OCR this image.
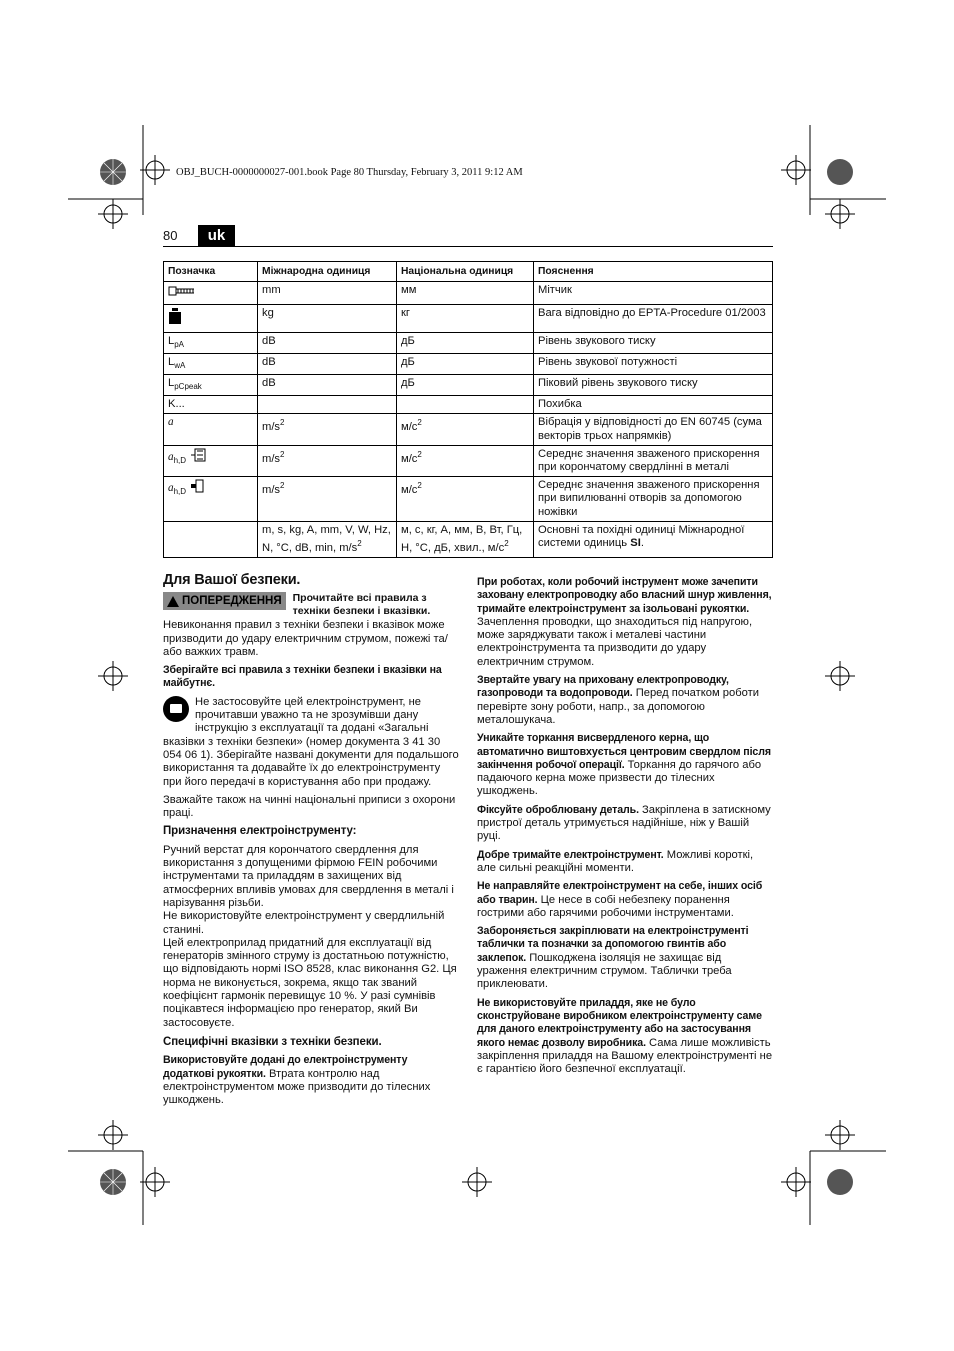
OBJ_BUCH-0000000027-001.book Page 80 Thursday, February 3, 2011 9:12 AM
80	uk
Позначка	Міжнародна одиниця	Національна одиниця	Пояснення
	mm	мм	Мітчик
	kg	кг	Вага відповідно до EPTA-Procedure 01/2003
$L_{pA}$	dB	дБ	Рівень звукового тиску
$L_{wA}$	dB	дБ	Рівень звукової потужності
$L_{pCpeak}$	dB	дБ	Піковий рівень звукового тиску
K...			Похибка
a	$m/s^2$	$м/с^2$	Вібрація у відповідності до EN 60745 (сума векторів трьох напрямків)
$a_{h,D}$	$m/s^2$	$м/с^2$	Середнє значення зваженого прискорення при корончатому свердлінні в металі
$a_{h,D}$	$m/s^2$	$м/с^2$	Середнє значення зваженого прискорення при випилюванні отворів за допомогою ножівки
	m, s, kg, A, mm, V, W, Hz, N, °C, dB, min, $m/s^2$	м, с, кг, А, мм, В, Вт, Гц, Н, °C, дБ, хвил., $м/с^2$	Основні та похідні одиниці Міжнародної системи одиниць SI.
Для Вашої безпеки.
ПОПЕРЕДЖЕННЯ Прочитайте всі правила з техніки безпеки і вказівки.

Невиконання правил з техніки безпеки і вказівок може призводити до удару електричним струмом, пожежі та/або важких травм.

Зберігайте всі правила з техніки безпеки і вказівки на майбутнє.

Не застосовуйте цей електроінструмент, не прочитавши уважно та не зрозумівши дану інструкцію з експлуатації та додані «Загальні вказівки з техніки безпеки» (номер документа 3 41 30 054 06 1). Зберігайте названі документи для подальшого використання та додавайте їх до електроінструменту при його передачі в користування або при продажу.

Зважайте також на чинні національні приписи з охорони праці.

Призначення електроінструменту:

Ручний верстат для корончатого свердлення для використання з допущеними фірмою FEIN робочими інструментами та приладдям в захищених від атмосферних впливів умовах для свердлення в металі і нарізування різьби.

Не використовуйте електроінструмент у свердлильній станині.

Цей електроприлад придатний для експлуатації від генераторів змінного струму із достатньою потужністю, що відповідають нормі ISO 8528, клас виконання G2. Ця норма не виконується, зокрема, якщо так званий коефіцієнт гармонік перевищує 10 %. У разі сумнівів поцікавтеся інформацією про генератор, який Ви застосовуєте.

Специфічні вказівки з техніки безпеки.

Використовуйте додані до електроінструменту додаткові рукоятки. Втрата контролю над електроінструментом може призводити до тілесних ушкоджень.

При роботах, коли робочий інструмент може зачепити заховану електропроводку або власний шнур живлення, тримайте електроінструмент за ізольовані рукоятки. Зачеплення проводки, що знаходиться під напругою, може заряджувати також і металеві частини електроінструмента та призводити до удару електричним струмом.

Звертайте увагу на приховану електропроводку, газопроводи та водопроводи. Перед початком роботи перевірте зону роботи, напр., за допомогою металошукача.

Уникайте торкання висвердленого керна, що автоматично виштовхується центровим свердлом після закінчення робочої операції. Торкання до гарячого або падаючого керна може призвести до тілесних ушкоджень.

Фіксуйте оброблювану деталь. Закріплена в затискному пристрої деталь утримується надійніше, ніж у Вашій руці.

Добре тримайте електроінструмент. Можливі короткі, але сильні реакційні моменти.

Не направляйте електроінструмент на себе, інших осіб або тварин. Це несе в собі небезпеку поранення гострими або гарячими робочими інструментами.

Забороняється закріплювати на електроінструменті таблички та позначки за допомогою гвинтів або заклепок. Пошкоджена ізоляція не захищає від ураження електричним струмом. Таблички треба приклеювати.

Не використовуйте приладдя, яке не було сконструйоване виробником електроінструменту саме для даного електроінструменту або на застосування якого немає дозволу виробника. Сама лише можливість закріплення приладдя на Вашому електроінструменті не є гарантією його безпечної експлуатації.
